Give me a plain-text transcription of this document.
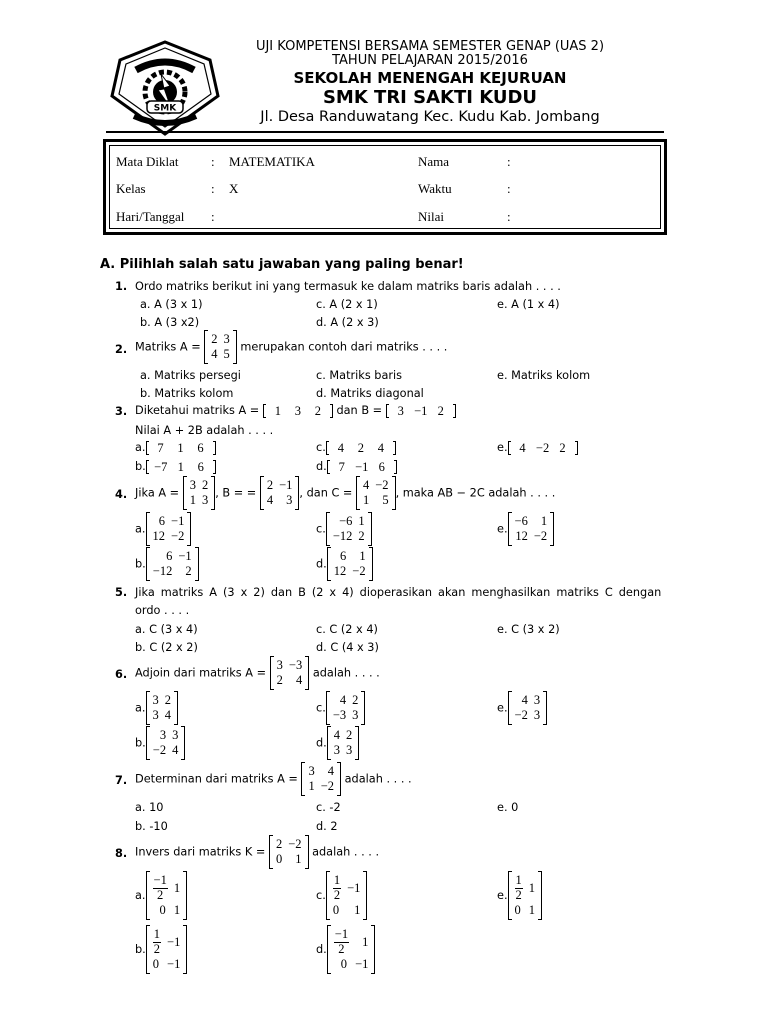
SMK
UJI KOMPETENSI BERSAMA SEMESTER GENAP (UAS 2)
TAHUN PELAJARAN 2015/2016
SEKOLAH MENENGAH KEJURUAN
SMK TRI SAKTI KUDU
Jl. Desa Randuwatang Kec. Kudu Kab. Jombang
Mata Diklat	: MATEMATIKA
Kelas	: X
Hari/Tanggal :
Nama	:
Waktu	:
Nilai	:
A. Pilihlah salah satu jawaban yang paling benar!
1. Ordo matriks berikut ini yang termasuk ke dalam matriks baris adalah . . . .
a. A (3 x 1)
b. A (3 x2)
c. A (2 x 1)
d. A (2 x 3)
e. A (1 x 4)
2. Matriks A =
2	3
4	5
merupakan contoh dari matriks . . . .
a. Matriks persegi
b. Matriks kolom
c. Matriks baris
d. Matriks diagonal
e. Matriks kolom
3. Diketahui matriks A = 1 3 2 dan B = 3 −1 2
Nilai A + 2B adalah . . . .
a. 7 1 6
b. −7 1 6
c. 4 2 4
d. 7 −1 6
e. 4 −2 2
4. Jika A =
3	2
1	3
, B = =
2	−1
4	3
, dan C =
4	−2
1	5
, maka AB − 2C adalah . . . .
a.
6	−1
12	−2
b.
6	−1
−12	2
c.
−6	1
−12	2
d.
6	1
12	−2
e.
−6	1
12	−2
5. Jika matriks A (3 x 2) dan B (2 x 4) dioperasikan akan menghasilkan matriks C dengan
ordo . . . .
a. C (3 x 4)
b. C (2 x 2)
c. C (2 x 4)
d. C (4 x 3)
e. C (3 x 2)
6. Adjoin dari matriks A =
3	−3
2	4
adalah . . . .
a.
3	2
3	4
b.
3	3
−2	4
c.
4	2
−3	3
d.
4	2
3	3
e.
4	3
−2	3
7. Determinan dari matriks A =
3	4
1	−2
adalah . . . .
a. 10
b. -10
c. -2
d. 2
e. 0
8. Invers dari matriks K =
2	−2
0	1
adalah . . . .
a. $\frac{-1}{2}$	1
0	1
b. $\frac{1}{2}$	−1
0	−1
c. $\frac{1}{2}$	−1
0	1
d. $\frac{-1}{2}$	1
0	−1
e. $\frac{1}{2}$	1
0	1
